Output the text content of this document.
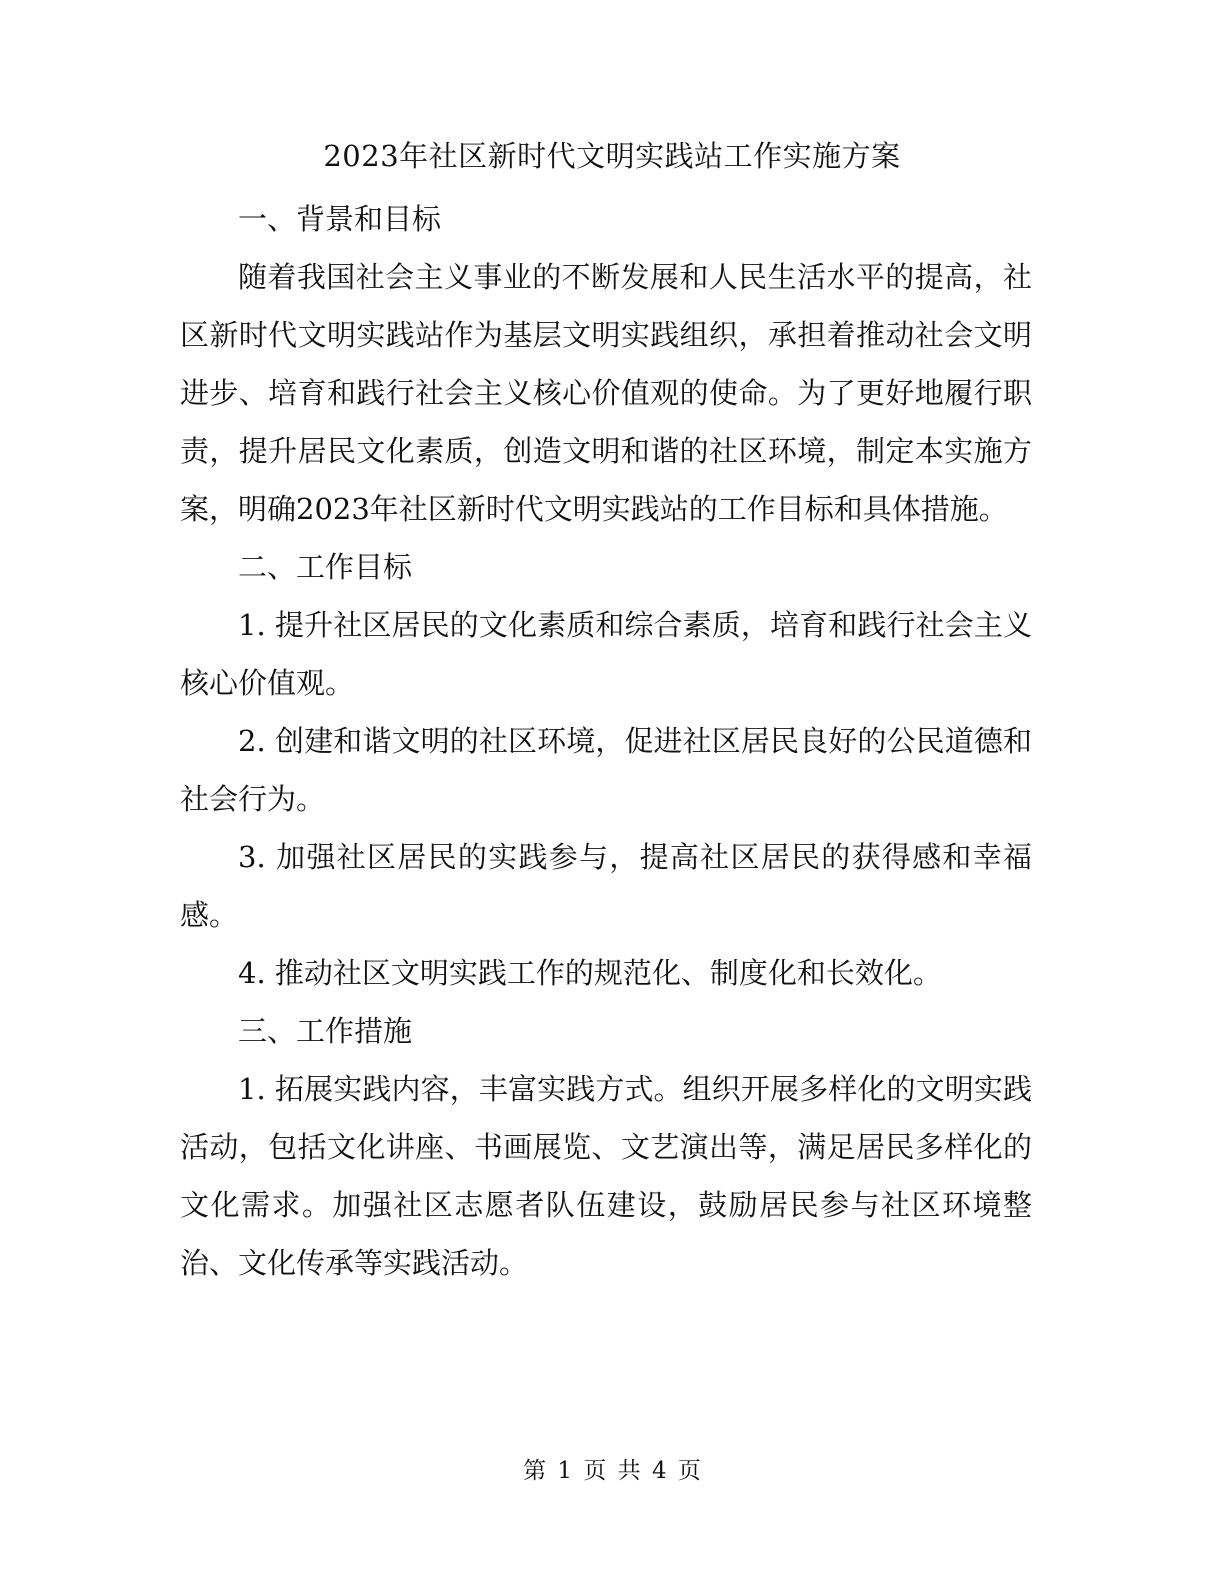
2023年社区新时代文明实践站工作实施方案

一、背景和目标

随着我国社会主义事业的不断发展和人民生活水平的提高，社区新时代文明实践站作为基层文明实践组织，承担着推动社会文明进步、培育和践行社会主义核心价值观的使命。为了更好地履行职责，提升居民文化素质，创造文明和谐的社区环境，制定本实施方案，明确2023年社区新时代文明实践站的工作目标和具体措施。

二、工作目标

1. 提升社区居民的文化素质和综合素质，培育和践行社会主义核心价值观。

2. 创建和谐文明的社区环境，促进社区居民良好的公民道德和社会行为。

3. 加强社区居民的实践参与，提高社区居民的获得感和幸福感。

4. 推动社区文明实践工作的规范化、制度化和长效化。

三、工作措施

1. 拓展实践内容，丰富实践方式。组织开展多样化的文明实践活动，包括文化讲座、书画展览、文艺演出等，满足居民多样化的文化需求。加强社区志愿者队伍建设，鼓励居民参与社区环境整治、文化传承等实践活动。

第 1 页 共 4 页
